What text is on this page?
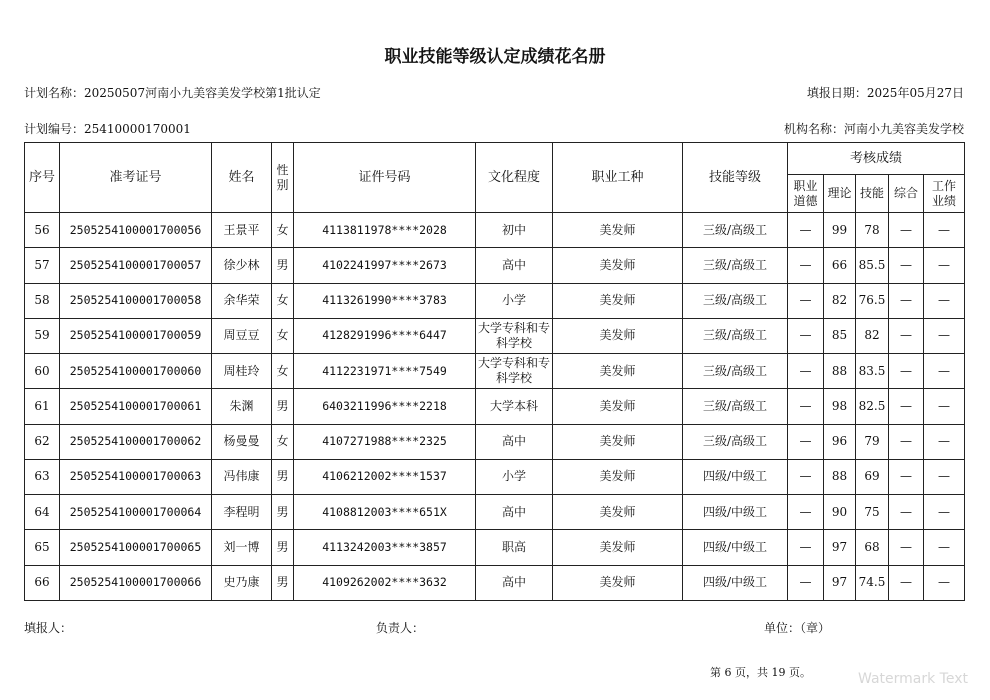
职业技能等级认定成绩花名册
计划名称：20250507河南小九美容美发学校第1批认定	填报日期：2025年05月27日
计划编号：25410000170001	机构名称：河南小九美容美发学校
序号	准考证号	姓名	性别	证件号码	文化程度	职业工种	技能等级	考核成绩				

								职业道德	理论	技能	综合	工作业绩

56	2505254100001700056	王景平	女	4113811978****2028	初中	美发师	三级/高级工	—	99	78	—	—
57	2505254100001700057	徐少林	男	4102241997****2673	高中	美发师	三级/高级工	—	66	85.5	—	—
58	2505254100001700058	余华荣	女	4113261990****3783	小学	美发师	三级/高级工	—	82	76.5	—	—
59	2505254100001700059	周豆豆	女	4128291996****6447	大学专科和专科学校	美发师	三级/高级工	—	85	82	—	—
60	2505254100001700060	周桂玲	女	4112231971****7549	大学专科和专科学校	美发师	三级/高级工	—	88	83.5	—	—
61	2505254100001700061	朱渊	男	6403211996****2218	大学本科	美发师	三级/高级工	—	98	82.5	—	—
62	2505254100001700062	杨曼曼	女	4107271988****2325	高中	美发师	三级/高级工	—	96	79	—	—
63	2505254100001700063	冯伟康	男	4106212002****1537	小学	美发师	四级/中级工	—	88	69	—	—
64	2505254100001700064	李程明	男	4108812003****651X	高中	美发师	四级/中级工	—	90	75	—	—
65	2505254100001700065	刘一博	男	4113242003****3857	职高	美发师	四级/中级工	—	97	68	—	—
66	2505254100001700066	史乃康	男	4109262002****3632	高中	美发师	四级/中级工	—	97	74.5	—	—
填报人：	负责人：	单位：（章）
第 6 页，共 19 页。	Watermark Text
